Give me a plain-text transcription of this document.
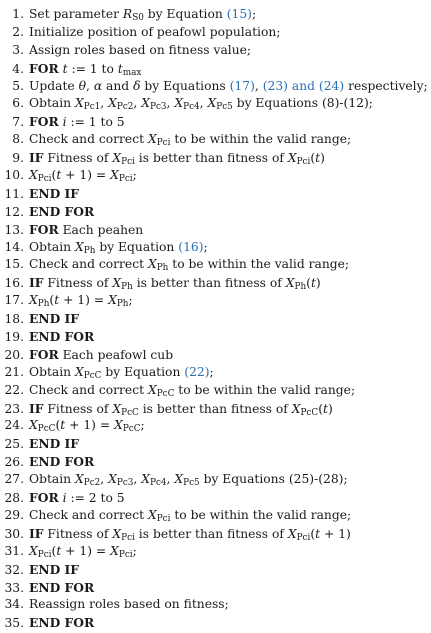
1. Set parameter $R_{S0}$ by Equation (15);
2. Initialize position of peafowl population;
3. Assign roles based on fitness value;
4. FOR t := 1 to $t_{max}$
5. Update θ, α and δ by Equations (17), (23) and (24) respectively;
6. Obtain $X_{Pc1}$, $X_{Pc2}$, $X_{Pc3}$, $X_{Pc4}$, $X_{Pc5}$ by Equations (8)-(12);
7. FOR i := 1 to 5
8. Check and correct $X_{Pci}$ to be within the valid range;
9. IF Fitness of $X_{Pci}$ is better than fitness of $X_{Pci}(t)$
10. $X_{Pci}(t + 1) = X_{Pci}$;
11. END IF
12. END FOR
13. FOR Each peahen
14. Obtain $X_{Ph}$ by Equation (16);
15. Check and correct $X_{Ph}$ to be within the valid range;
16. IF Fitness of $X_{Ph}$ is better than fitness of $X_{Ph}(t)$
17. $X_{Ph}(t + 1) = X_{Ph}$;
18. END IF
19. END FOR
20. FOR Each peafowl cub
21. Obtain $X_{PcC}$ by Equation (22);
22. Check and correct $X_{PcC}$ to be within the valid range;
23. IF Fitness of $X_{PcC}$ is better than fitness of $X_{PcC}(t)$
24. $X_{PcC}(t + 1) = X_{PcC}$;
25. END IF
26. END FOR
27. Obtain $X_{Pc2}$, $X_{Pc3}$, $X_{Pc4}$, $X_{Pc5}$ by Equations (25)-(28);
28. FOR i := 2 to 5
29. Check and correct $X_{Pci}$ to be within the valid range;
30. IF Fitness of $X_{Pci}$ is better than fitness of $X_{Pci}(t + 1)$
31. $X_{Pci}(t + 1) = X_{Pci}$;
32. END IF
33. END FOR
34. Reassign roles based on fitness;
35. END FOR
